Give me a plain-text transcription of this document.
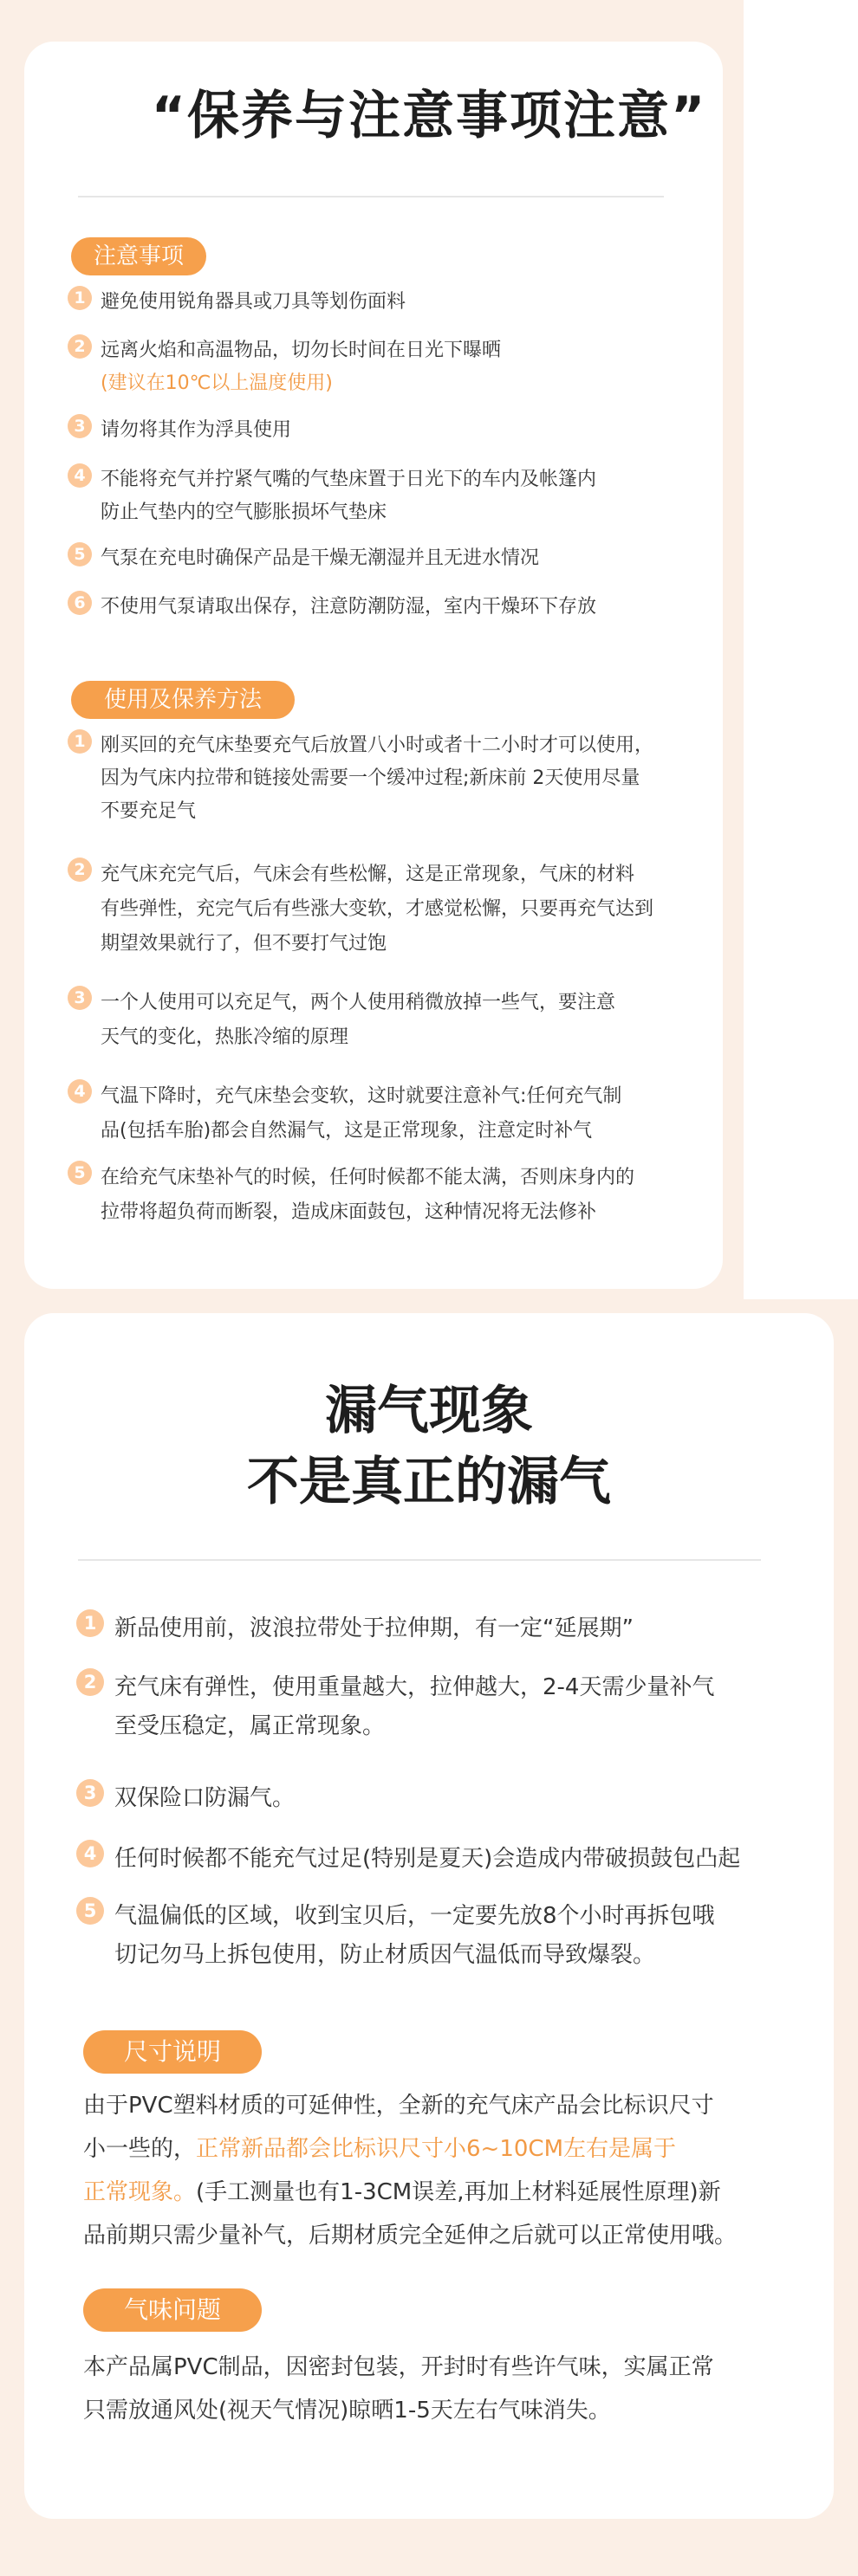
“保养与注意事项注意”
注意事项
1 避免使用锐角器具或刀具等划伤面料
2 远离火焰和高温物品，切勿长时间在日光下曝晒
(建议在10℃以上温度使用)
3 请勿将其作为浮具使用
4 不能将充气并拧紧气嘴的气垫床置于日光下的车内及帐篷内
防止气垫内的空气膨胀损坏气垫床
5 气泵在充电时确保产品是干燥无潮湿并且无进水情况
6 不使用气泵请取出保存，注意防潮防湿，室内干燥环下存放
使用及保养方法
1 刚买回的充气床垫要充气后放置八小时或者十二小时才可以使用，
因为气床内拉带和链接处需要一个缓冲过程;新床前 2天使用尽量
不要充足气
2 充气床充完气后，气床会有些松懈，这是正常现象，气床的材料
有些弹性，充完气后有些涨大变软，才感觉松懈，只要再充气达到
期望效果就行了，但不要打气过饱
3 一个人使用可以充足气，两个人使用稍微放掉一些气，要注意
天气的变化，热胀冷缩的原理
4 气温下降时，充气床垫会变软，这时就要注意补气:任何充气制
品(包括车胎)都会自然漏气，这是正常现象，注意定时补气
5 在给充气床垫补气的时候，任何时候都不能太满，否则床身内的
拉带将超负荷而断裂，造成床面鼓包，这种情况将无法修补
漏气现象
不是真正的漏气
1 新品使用前，波浪拉带处于拉伸期，有一定“延展期”
2 充气床有弹性，使用重量越大，拉伸越大，2-4天需少量补气
至受压稳定，属正常现象。
3 双保险口防漏气。
4 任何时候都不能充气过足(特别是夏天)会造成内带破损鼓包凸起
5 气温偏低的区域，收到宝贝后，一定要先放8个小时再拆包哦
切记勿马上拆包使用，防止材质因气温低而导致爆裂。
尺寸说明
由于PVC塑料材质的可延伸性，全新的充气床产品会比标识尺寸
小一些的，正常新品都会比标识尺寸小6~10CM左右是属于
正常现象。(手工测量也有1-3CM误差,再加上材料延展性原理)新
品前期只需少量补气，后期材质完全延伸之后就可以正常使用哦。
气味问题
本产品属PVC制品，因密封包装，开封时有些许气味，实属正常
只需放通风处(视天气情况)晾晒1-5天左右气味消失。
